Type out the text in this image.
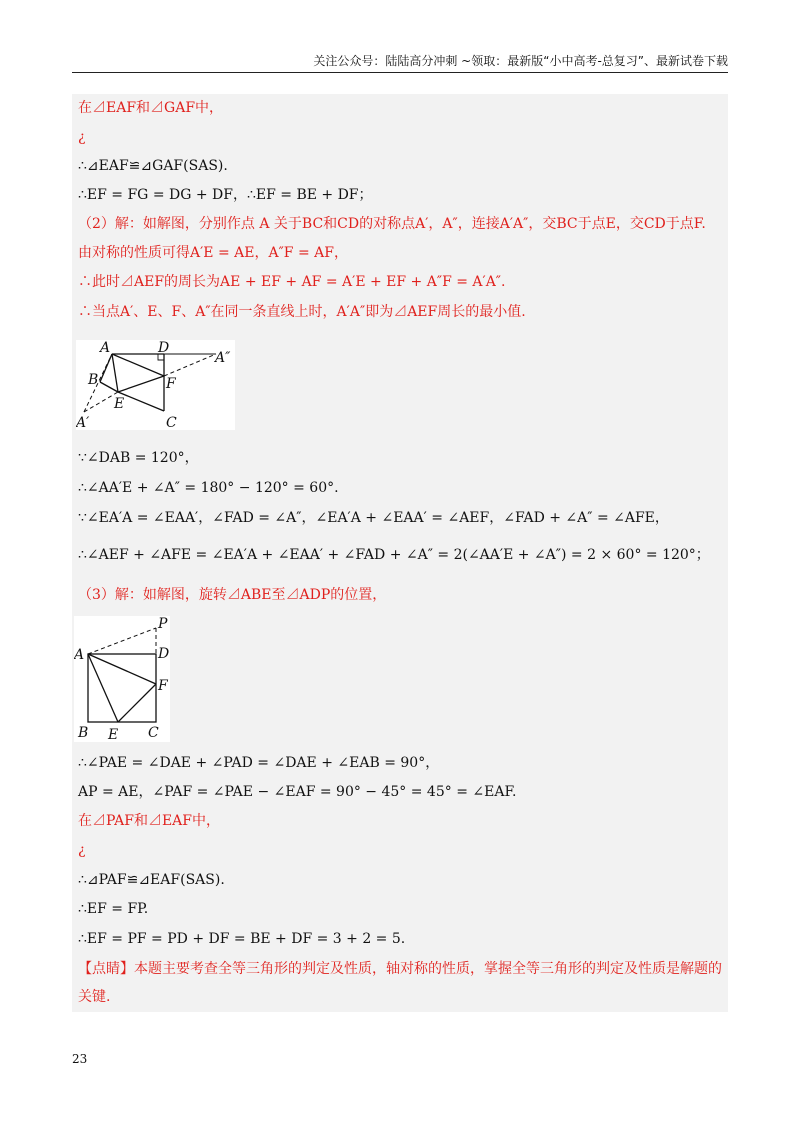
关注公众号：陆陆高分冲刺 ~领取：最新版“小中高考-总复习”、最新试卷下载
在⊿EAF和⊿GAF中，
¿
∴⊿EAF≌⊿GAF(SAS).
∴EF = FG = DG + DF，∴EF = BE + DF；
（2）解：如解图，分别作点 A 关于BC和CD的对称点A′，A″，连接A′A″，交BC于点E，交CD于点F.
由对称的性质可得A′E = AE，A″F = AF，
∴此时⊿AEF的周长为AE + EF + AF = A′E + EF + A″F = A′A″.
∴当点A′、E、F、A″在同一条直线上时，A′A″即为⊿AEF周长的最小值.
A	D
A″
B	F
E
A′	C
∵∠DAB = 120°，
∴∠AA′E + ∠A″ = 180° − 120° = 60°.
∵∠EA′A = ∠EAA′，∠FAD = ∠A″，∠EA′A + ∠EAA′ = ∠AEF，∠FAD + ∠A″ = ∠AFE，
∴∠AEF + ∠AFE = ∠EA′A + ∠EAA′ + ∠FAD + ∠A″ = 2(∠AA′E + ∠A″) = 2 × 60° = 120°；
（3）解：如解图，旋转⊿ABE至⊿ADP的位置，
P
A	D
F
B E C
∴∠PAE = ∠DAE + ∠PAD = ∠DAE + ∠EAB = 90°，
AP = AE，∠PAF = ∠PAE − ∠EAF = 90° − 45° = 45° = ∠EAF.
在⊿PAF和⊿EAF中，
¿
∴⊿PAF≌⊿EAF(SAS).
∴EF = FP.
∴EF = PF = PD + DF = BE + DF = 3 + 2 = 5.
【点睛】本题主要考查全等三角形的判定及性质，轴对称的性质，掌握全等三角形的判定及性质是解题的
关键.
23
